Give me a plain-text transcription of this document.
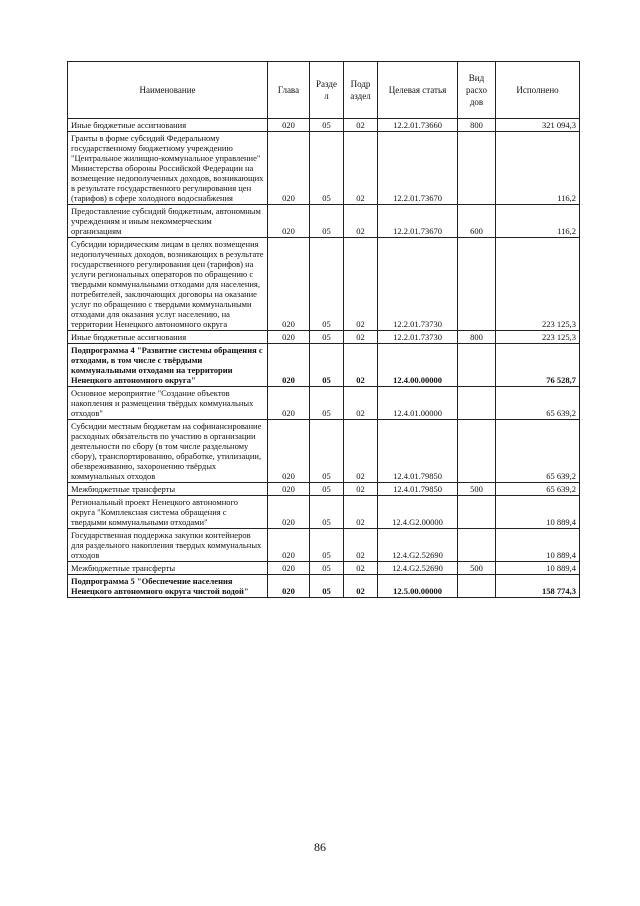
Наименование	Глава	Разде л	Подр аздел	Целевая статья	Вид расхо дов	Исполнено
Иные бюджетные ассигнования	020	05	02	12.2.01.73660	800	321 094,3
Гранты в форме субсидий Федеральному государственному бюджетному учреждению "Центральное жилищно-коммунальное управление" Министерства обороны Российской Федерации на возмещение недополученных доходов, возникающих в результате государственного регулирования цен (тарифов) в сфере холодного водоснабжения	020	05	02	12.2.01.73670		116,2
Предоставление субсидий бюджетным, автономным учреждениям и иным некоммерческим организациям	020	05	02	12.2.01.73670	600	116,2
Субсидии юридическим лицам в целях возмещения недополученных доходов, возникающих в результате государственного регулирования цен (тарифов) на услуги региональных операторов по обращению с твердыми коммунальными отходами для населения, потребителей, заключающих договоры на оказание услуг по обращению с твердыми коммунальными отходами для оказания услуг населению, на территории Ненецкого автономного округа	020	05	02	12.2.01.73730		223 125,3
Иные бюджетные ассигнования	020	05	02	12.2.01.73730	800	223 125,3
Подпрограмма 4 "Развитие системы обращения с отходами, в том числе с твёрдыми коммунальными отходами на территории Ненецкого автономного округа"	020	05	02	12.4.00.00000		76 528,7
Основное мероприятие "Создание объектов накопления и размещения твёрдых коммунальных отходов"	020	05	02	12.4.01.00000		65 639,2
Субсидии местным бюджетам на софинансирование расходных обязательств по участию в организации деятельности по сбору (в том числе раздельному сбору), транспортированию, обработке, утилизации, обезвреживанию, захоронению твёрдых коммунальных отходов	020	05	02	12.4.01.79850		65 639,2
Межбюджетные трансферты	020	05	02	12.4.01.79850	500	65 639,2
Региональный проект Ненецкого автономного округа "Комплексная система обращения с твердыми коммунальными отходами"	020	05	02	12.4.G2.00000		10 889,4
Государственная поддержка закупки контейнеров для раздельного накопления твердых коммунальных отходов	020	05	02	12.4.G2.52690		10 889,4
Межбюджетные трансферты	020	05	02	12.4.G2.52690	500	10 889,4
Подпрограмма 5 "Обеспечение населения Ненецкого автономного округа чистой водой"	020	05	02	12.5.00.00000		158 774,3
86
